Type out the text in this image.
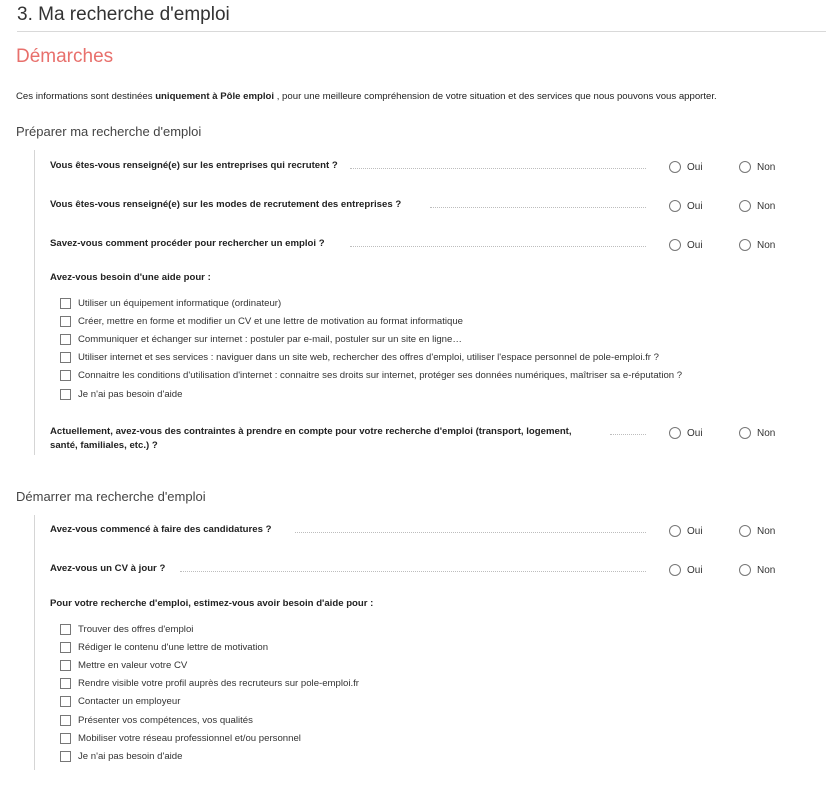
3. Ma recherche d'emploi
Démarches
Ces informations sont destinées uniquement à Pôle emploi , pour une meilleure compréhension de votre situation et des services que nous pouvons vous apporter.
Préparer ma recherche d'emploi
Vous êtes-vous renseigné(e) sur les entreprises qui recrutent ?	Oui	Non
Vous êtes-vous renseigné(e) sur les modes de recrutement des entreprises ?	Oui	Non
Savez-vous comment procéder pour rechercher un emploi ?	Oui	Non
Avez-vous besoin d'une aide pour :
Utiliser un équipement informatique (ordinateur)
Créer, mettre en forme et modifier un CV et une lettre de motivation au format informatique
Communiquer et échanger sur internet : postuler par e-mail, postuler sur un site en ligne…
Utiliser internet et ses services : naviguer dans un site web, rechercher des offres d'emploi, utiliser l'espace personnel de pole-emploi.fr ?
Connaitre les conditions d'utilisation d'internet : connaitre ses droits sur internet, protéger ses données numériques, maîtriser sa e-réputation ?
Je n'ai pas besoin d'aide
Actuellement, avez-vous des contraintes à prendre en compte pour votre recherche d'emploi (transport, logement,
santé, familiales, etc.) ?
Oui	Non
Démarrer ma recherche d'emploi
Avez-vous commencé à faire des candidatures ?	Oui	Non
Avez-vous un CV à jour ?	Oui	Non
Pour votre recherche d'emploi, estimez-vous avoir besoin d'aide pour :
Trouver des offres d'emploi
Rédiger le contenu d'une lettre de motivation
Mettre en valeur votre CV
Rendre visible votre profil auprès des recruteurs sur pole-emploi.fr
Contacter un employeur
Présenter vos compétences, vos qualités
Mobiliser votre réseau professionnel et/ou personnel
Je n'ai pas besoin d'aide
